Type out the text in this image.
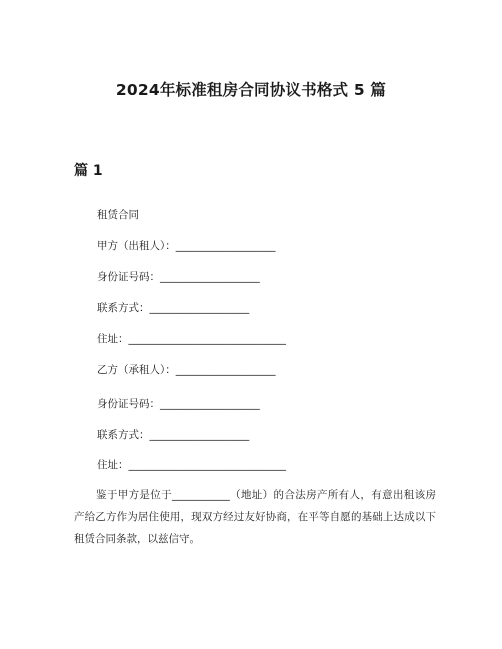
2024年标准租房合同协议书格式 5 篇
篇 1

租赁合同

甲方（出租人）：___________________

身份证号码：___________________

联系方式：___________________

住址：______________________________

乙方（承租人）：___________________

身份证号码：___________________

联系方式：___________________

住址：______________________________

鉴于甲方是位于___________（地址）的合法房产所有人，有意出租该房产给乙方作为居住使用，现双方经过友好协商，在平等自愿的基础上达成以下租赁合同条款，以兹信守。
